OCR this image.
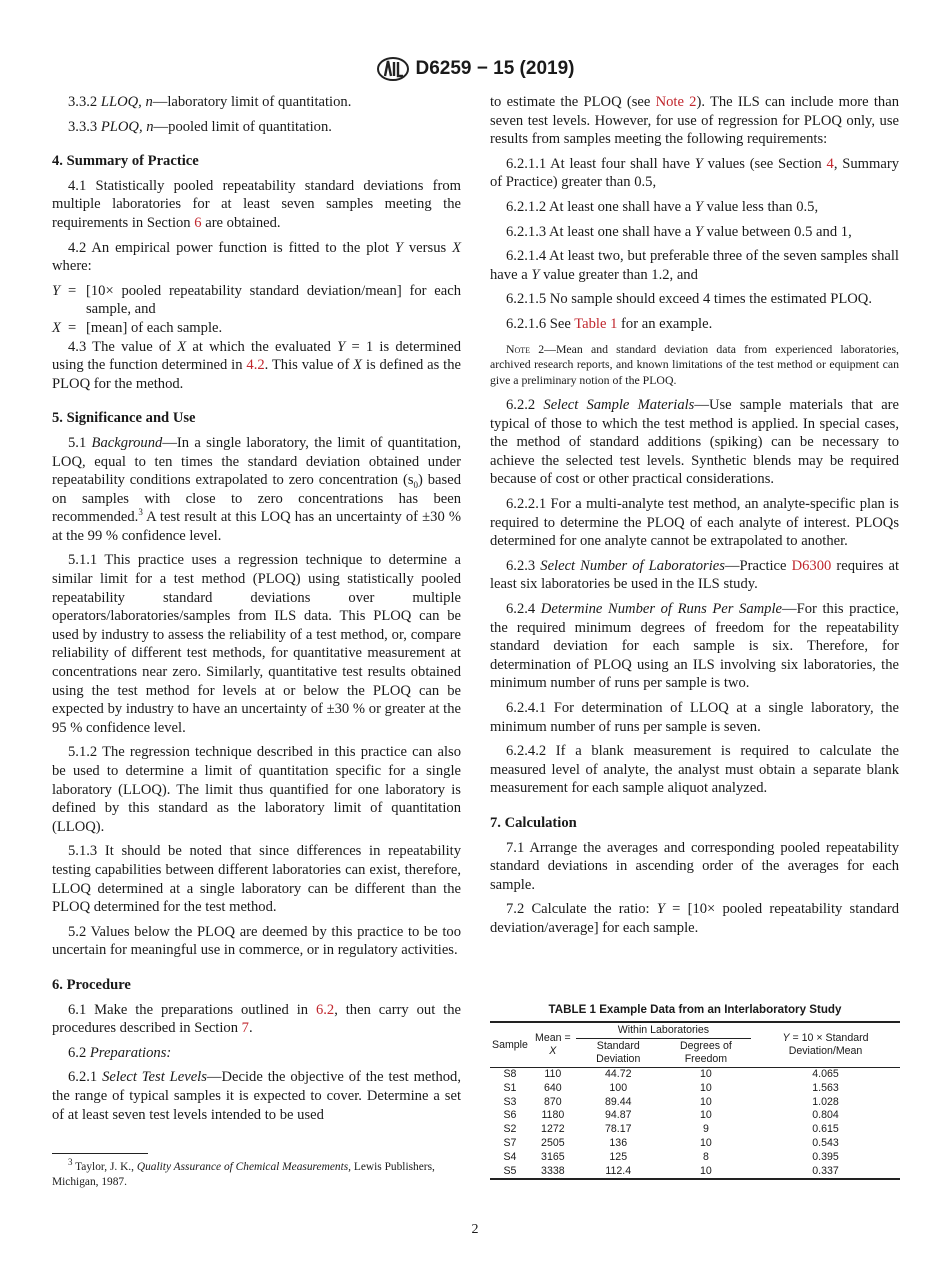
D6259 − 15 (2019)

3.3.2 LLOQ, n—laboratory limit of quantitation.

3.3.3 PLOQ, n—pooled limit of quantitation.

4. Summary of Practice

4.1 Statistically pooled repeatability standard deviations from multiple laboratories for at least seven samples meeting the requirements in Section 6 are obtained.

4.2 An empirical power function is fitted to the plot Y versus X where:

Y = [10× pooled repeatability standard deviation/mean] for each sample, and
X = [mean] of each sample.

4.3 The value of X at which the evaluated Y = 1 is determined using the function determined in 4.2. This value of X is defined as the PLOQ for the method.

5. Significance and Use

5.1 Background—In a single laboratory, the limit of quantitation, LOQ, equal to ten times the standard deviation obtained under repeatability conditions extrapolated to zero concentration $(s_0)$ based on samples with close to zero concentrations has been recommended.$^3$ A test result at this LOQ has an uncertainty of ±30 % at the 99 % confidence level.

5.1.1 This practice uses a regression technique to determine a similar limit for a test method (PLOQ) using statistically pooled repeatability standard deviations over multiple operators/laboratories/samples from ILS data. This PLOQ can be used by industry to assess the reliability of a test method, or, compare reliability of different test methods, for quantitative measurement at concentrations near zero. Similarly, quantitative test results obtained using the test method for levels at or below the PLOQ can be expected by industry to have an uncertainty of ±30 % or greater at the 95 % confidence level.

5.1.2 The regression technique described in this practice can also be used to determine a limit of quantitation specific for a single laboratory (LLOQ). The limit thus quantified for one laboratory is defined by this standard as the laboratory limit of quantitation (LLOQ).

5.1.3 It should be noted that since differences in repeatability testing capabilities between different laboratories can exist, therefore, LLOQ determined at a single laboratory can be different than the PLOQ determined for the test method.

5.2 Values below the PLOQ are deemed by this practice to be too uncertain for meaningful use in commerce, or in regulatory activities.

6. Procedure

6.1 Make the preparations outlined in 6.2, then carry out the procedures described in Section 7.

6.2 Preparations:

6.2.1 Select Test Levels—Decide the objective of the test method, the range of typical samples it is expected to cover. Determine a set of at least seven test levels intended to be used

to estimate the PLOQ (see Note 2). The ILS can include more than seven test levels. However, for use of regression for PLOQ only, use results from samples meeting the following requirements:

6.2.1.1 At least four shall have Y values (see Section 4, Summary of Practice) greater than 0.5,

6.2.1.2 At least one shall have a Y value less than 0.5,

6.2.1.3 At least one shall have a Y value between 0.5 and 1,

6.2.1.4 At least two, but preferable three of the seven samples shall have a Y value greater than 1.2, and

6.2.1.5 No sample should exceed 4 times the estimated PLOQ.

6.2.1.6 See Table 1 for an example.

Note 2—Mean and standard deviation data from experienced laboratories, archived research reports, and known limitations of the test method or equipment can give a preliminary notion of the PLOQ.

6.2.2 Select Sample Materials—Use sample materials that are typical of those to which the test method is applied. In special cases, the method of standard additions (spiking) can be necessary to achieve the selected test levels. Synthetic blends may be required because of cost or other practical considerations.

6.2.2.1 For a multi-analyte test method, an analyte-specific plan is required to determine the PLOQ of each analyte of interest. PLOQs determined for one analyte cannot be extrapolated to another.

6.2.3 Select Number of Laboratories—Practice D6300 requires at least six laboratories be used in the ILS study.

6.2.4 Determine Number of Runs Per Sample—For this practice, the required minimum degrees of freedom for the repeatability standard deviation for each sample is six. Therefore, for determination of PLOQ using an ILS involving six laboratories, the minimum number of runs per sample is two.

6.2.4.1 For determination of LLOQ at a single laboratory, the minimum number of runs per sample is seven.

6.2.4.2 If a blank measurement is required to calculate the measured level of analyte, the analyst must obtain a separate blank measurement for each sample aliquot analyzed.

7. Calculation

7.1 Arrange the averages and corresponding pooled repeatability standard deviations in ascending order of the averages for each sample.

7.2 Calculate the ratio: Y = [10× pooled repeatability standard deviation/average] for each sample.

TABLE 1 Example Data from an Interlaboratory Study
Sample	Mean = X	Within Laboratories		Y = 10 × Standard Deviation/Mean
		Standard Deviation	Degrees of Freedom	

S8	110	44.72	10	4.065
S1	640	100	10	1.563
S3	870	89.44	10	1.028
S6	1180	94.87	10	0.804
S2	1272	78.17	9	0.615
S7	2505	136	10	0.543
S4	3165	125	8	0.395
S5	3338	112.4	10	0.337
$^3$ Taylor, J. K., Quality Assurance of Chemical Measurements, Lewis Publishers, Michigan, 1987.
2
